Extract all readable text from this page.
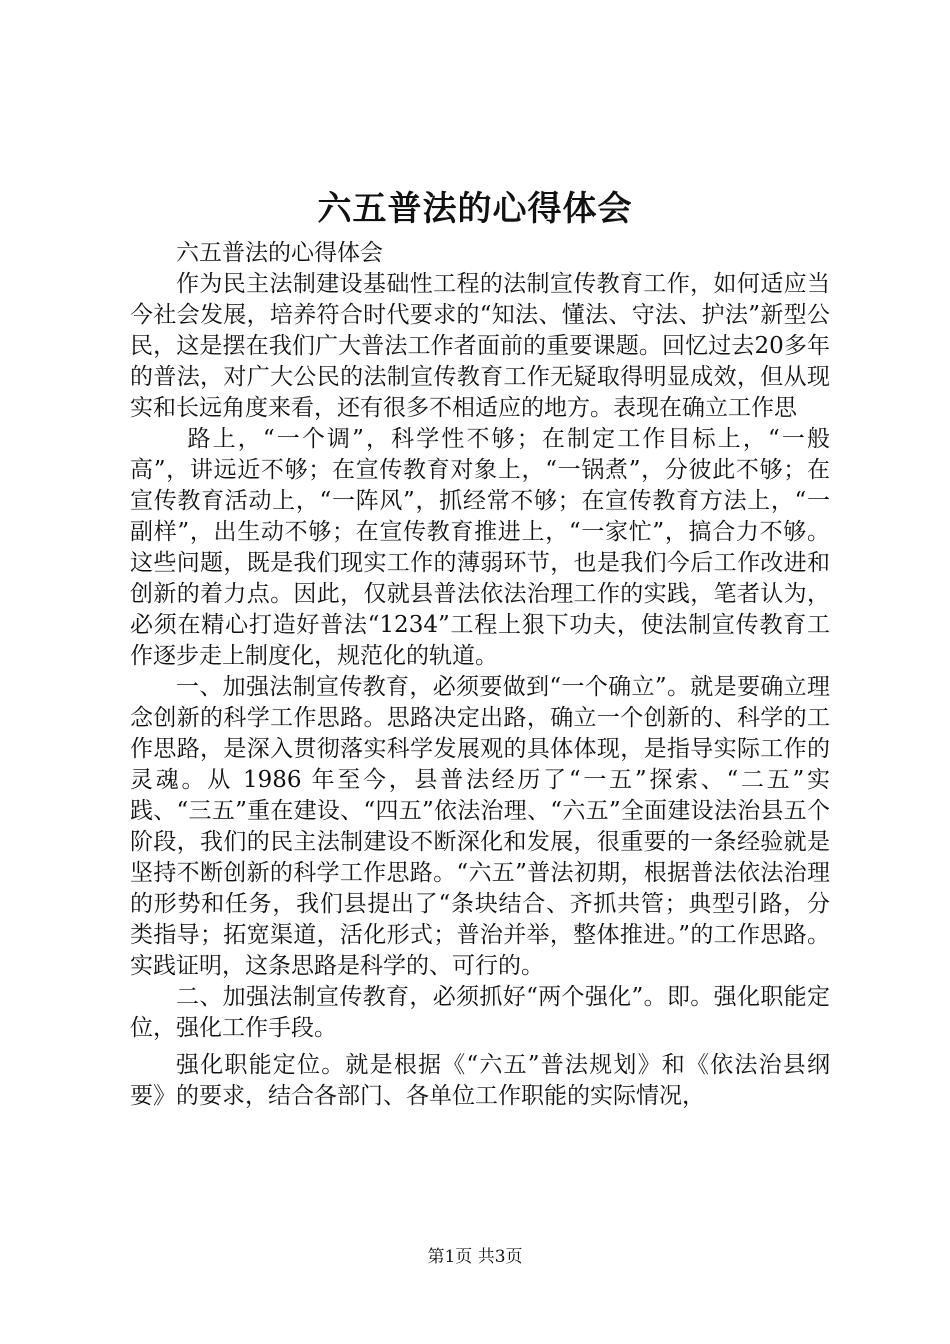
六五普法的心得体会

六五普法的心得体会

作为民主法制建设基础性工程的法制宣传教育工作，如何适应当今社会发展，培养符合时代要求的“知法、懂法、守法、护法”新型公民，这是摆在我们广大普法工作者面前的重要课题。回忆过去20多年的普法，对广大公民的法制宣传教育工作无疑取得明显成效，但从现实和长远角度来看，还有很多不相适应的地方。表现在确立工作思

路上，“一个调”，科学性不够；在制定工作目标上，“一般高”，讲远近不够；在宣传教育对象上，“一锅煮”，分彼此不够；在宣传教育活动上，“一阵风”，抓经常不够；在宣传教育方法上，“一副样”，出生动不够；在宣传教育推进上，“一家忙”，搞合力不够。这些问题，既是我们现实工作的薄弱环节，也是我们今后工作改进和创新的着力点。因此，仅就县普法依法治理工作的实践，笔者认为，必须在精心打造好普法“1234”工程上狠下功夫，使法制宣传教育工作逐步走上制度化，规范化的轨道。

一、加强法制宣传教育，必须要做到“一个确立”。就是要确立理念创新的科学工作思路。思路决定出路，确立一个创新的、科学的工作思路，是深入贯彻落实科学发展观的具体体现，是指导实际工作的灵魂。从 1986 年至今，县普法经历了“一五”探索、“二五”实践、“三五”重在建设、“四五”依法治理、“六五”全面建设法治县五个阶段，我们的民主法制建设不断深化和发展，很重要的一条经验就是坚持不断创新的科学工作思路。“六五”普法初期，根据普法依法治理的形势和任务，我们县提出了“条块结合、齐抓共管；典型引路，分类指导；拓宽渠道，活化形式；普治并举，整体推进。”的工作思路。实践证明，这条思路是科学的、可行的。

二、加强法制宣传教育，必须抓好“两个强化”。即。强化职能定位，强化工作手段。

强化职能定位。就是根据《“六五”普法规划》和《依法治县纲要》的要求，结合各部门、各单位工作职能的实际情况，

第1页 共3页
